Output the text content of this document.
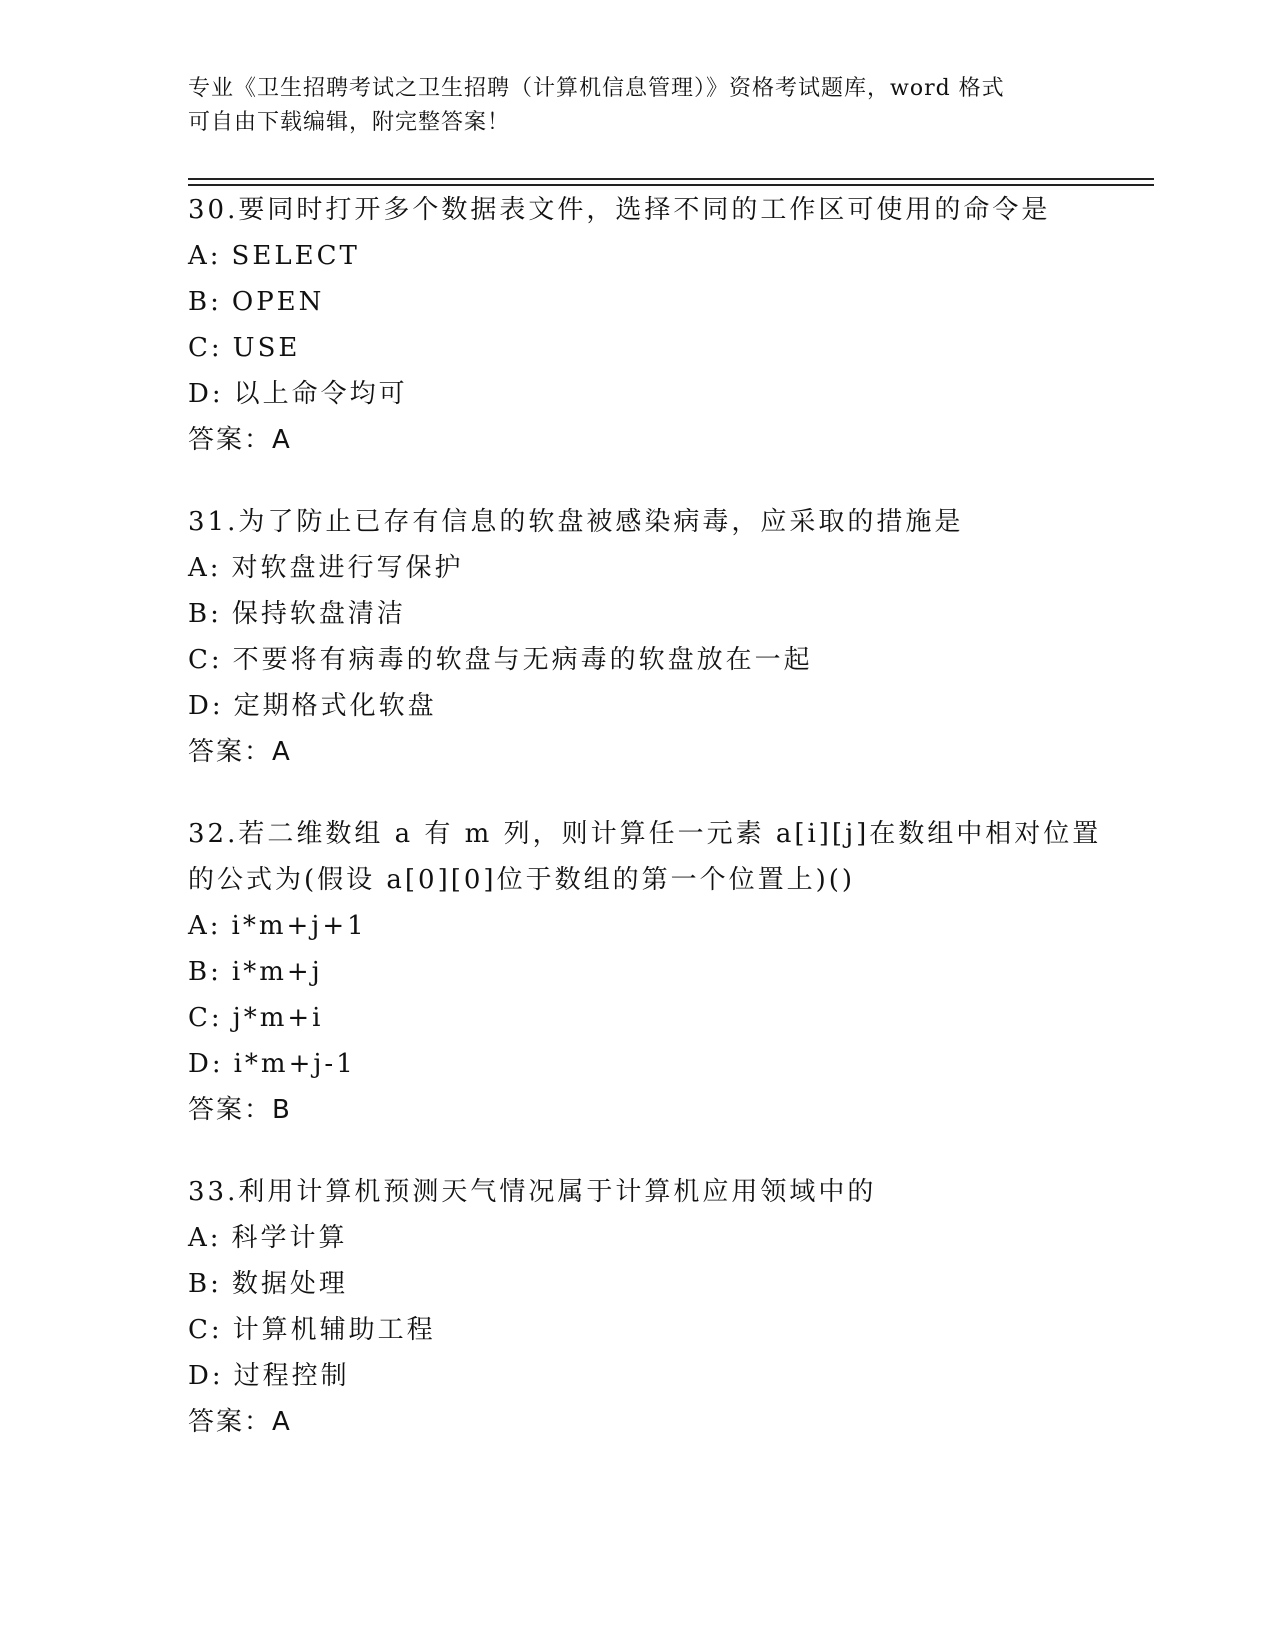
专业《卫生招聘考试之卫生招聘（计算机信息管理）》资格考试题库，word 格式
可自由下载编辑，附完整答案！
30.要同时打开多个数据表文件，选择不同的工作区可使用的命令是
A: SELECT
B: OPEN
C: USE
D: 以上命令均可
答案：A
31.为了防止已存有信息的软盘被感染病毒，应采取的措施是
A: 对软盘进行写保护
B: 保持软盘清洁
C: 不要将有病毒的软盘与无病毒的软盘放在一起
D: 定期格式化软盘
答案：A
32.若二维数组 a 有 m 列，则计算任一元素 a[i][j]在数组中相对位置
的公式为(假设 a[0][0]位于数组的第一个位置上)()
A: i*m+j+1
B: i*m+j
C: j*m+i
D: i*m+j-1
答案：B
33.利用计算机预测天气情况属于计算机应用领域中的
A: 科学计算
B: 数据处理
C: 计算机辅助工程
D: 过程控制
答案：A
